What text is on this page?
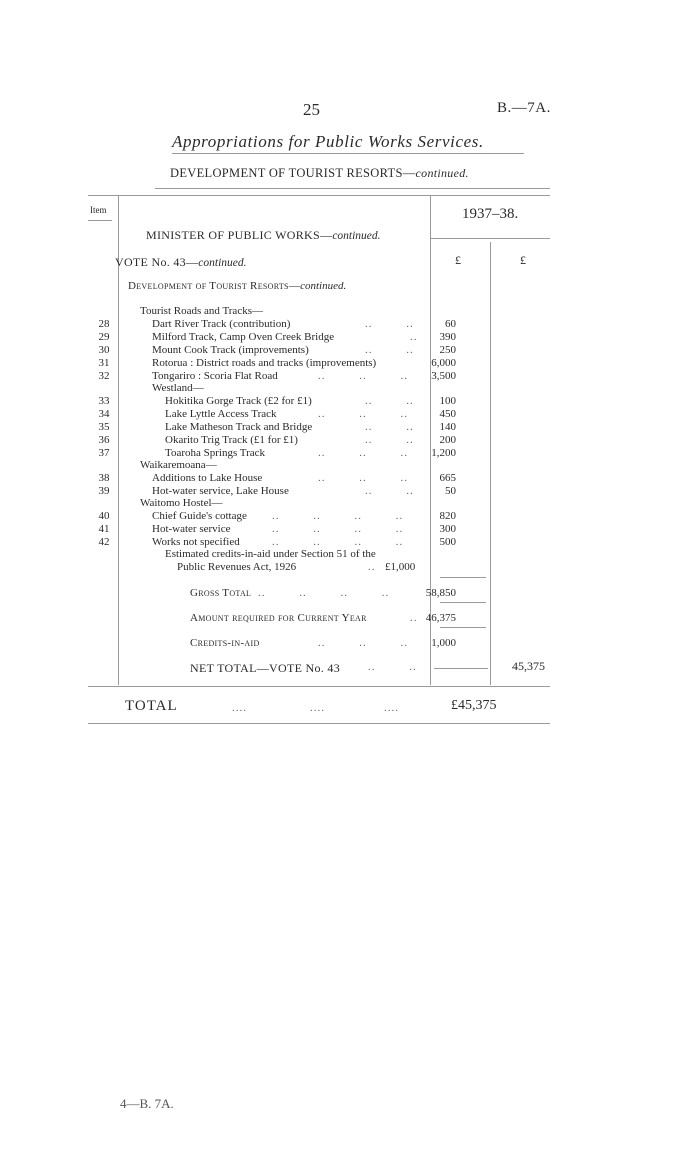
25	B.—7A.
Appropriations for Public Works Services.
DEVELOPMENT OF TOURIST RESORTS—continued.
Item	1937–38.
MINISTER OF PUBLIC WORKS—continued.
VOTE No. 43—continued.	£	£
Development of Tourist Resorts—continued.
Tourist Roads and Tracks—
28	Dart River Track (contribution)	..         ..	60
29	Milford Track, Camp Oven Creek Bridge	.. 390
30	Mount Cook Track (improvements)	..         .. 250
31	Rotorua : District roads and tracks (improvements)	6,000
32	Tongariro : Scoria Flat Road	..         ..         .. 3,500
Westland—
33	Hokitika Gorge Track (£2 for £1)	..         .. 100
34	Lake Lyttle Access Track	..         ..         ..	450
35	Lake Matheson Track and Bridge	..         .. 140
36	Okarito Trig Track (£1 for £1)	..         .. 200
37	Toaroha Springs Track	..         ..         .. 1,200
Waikaremoana—
38	Additions to Lake House	..         ..         ..	665
39	Hot-water service, Lake House	..         ..	50
Waitomo Hostel—
40	Chief Guide's cottage ..         ..         ..         ..	820
41	Hot-water service	..         ..         ..         ..	300
42	Works not specified	..         ..         ..         ..	500
Estimated credits-in-aid under Section 51 of the
Public Revenues Act, 1926	.. £1,000
Gross Total ..         ..         ..         ..	58,850
Amount required for Current Year	.. 46,375
Credits-in-aid	..         ..         .. 1,000
NET TOTAL—VOTE No. 43	..         ..	45,375
TOTAL	....	....	....	£45,375
4—B. 7A.
